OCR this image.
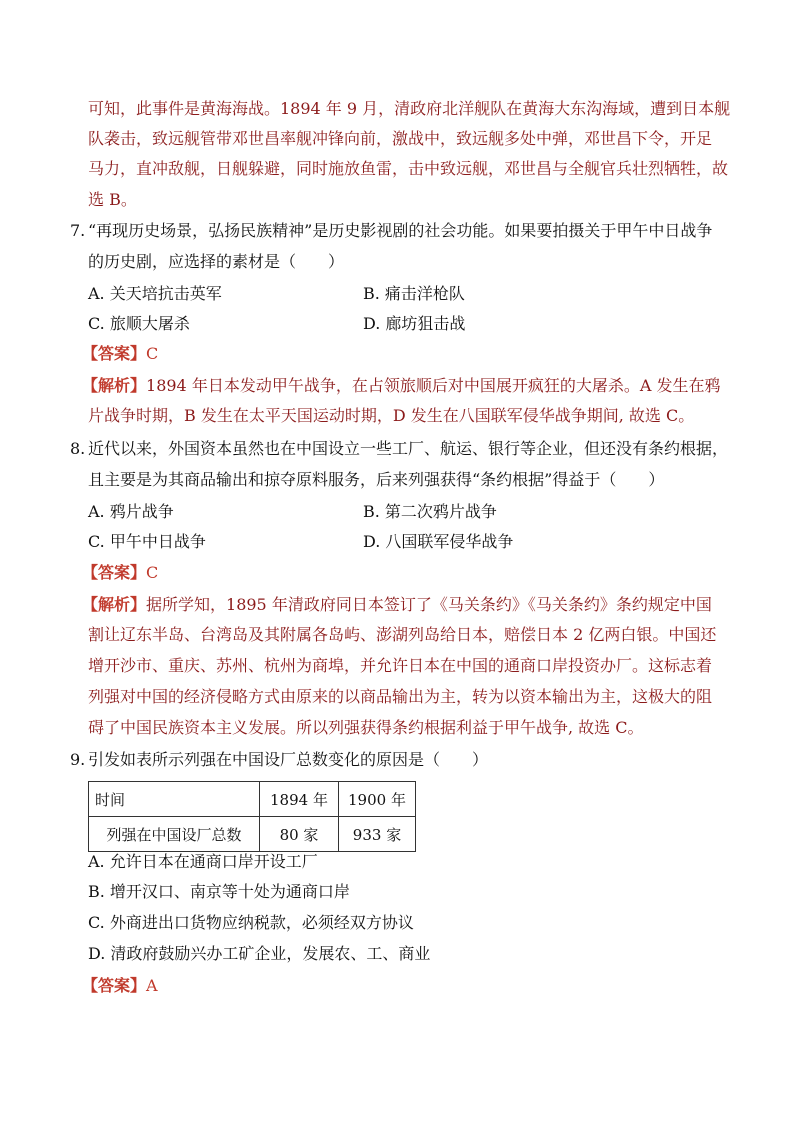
可知，此事件是黄海海战。1894 年 9 月，清政府北洋舰队在黄海大东沟海域，遭到日本舰
队袭击，致远舰管带邓世昌率舰冲锋向前，激战中，致远舰多处中弹，邓世昌下令，开足
马力，直冲敌舰，日舰躲避，同时施放鱼雷，击中致远舰，邓世昌与全舰官兵壮烈牺牲，故
选 B。
7. “再现历史场景，弘扬民族精神”是历史影视剧的社会功能。如果要拍摄关于甲午中日战争
的历史剧，应选择的素材是（　　）
A. 关天培抗击英军	B. 痛击洋枪队
C. 旅顺大屠杀	D. 廊坊狙击战
【答案】C
【解析】1894 年日本发动甲午战争，在占领旅顺后对中国展开疯狂的大屠杀。A 发生在鸦
片战争时期，B 发生在太平天国运动时期，D 发生在八国联军侵华战争期间, 故选 C。
8. 近代以来，外国资本虽然也在中国设立一些工厂、航运、银行等企业，但还没有条约根据，
且主要是为其商品输出和掠夺原料服务，后来列强获得“条约根据”得益于（　　）
A. 鸦片战争	B. 第二次鸦片战争
C. 甲午中日战争	D. 八国联军侵华战争
【答案】C
【解析】据所学知，1895 年清政府同日本签订了《马关条约》《马关条约》条约规定中国
割让辽东半岛、台湾岛及其附属各岛屿、澎湖列岛给日本，赔偿日本 2 亿两白银。中国还
增开沙市、重庆、苏州、杭州为商埠，并允许日本在中国的通商口岸投资办厂。这标志着
列强对中国的经济侵略方式由原来的以商品输出为主，转为以资本输出为主，这极大的阻
碍了中国民族资本主义发展。所以列强获得条约根据利益于甲午战争, 故选 C。
9. 引发如表所示列强在中国设厂总数变化的原因是（　　）
时间	1894 年	1900 年
列强在中国设厂总数	80 家	933 家
A. 允许日本在通商口岸开设工厂
B. 增开汉口、南京等十处为通商口岸
C. 外商进出口货物应纳税款，必须经双方协议
D. 清政府鼓励兴办工矿企业，发展农、工、商业
【答案】A
